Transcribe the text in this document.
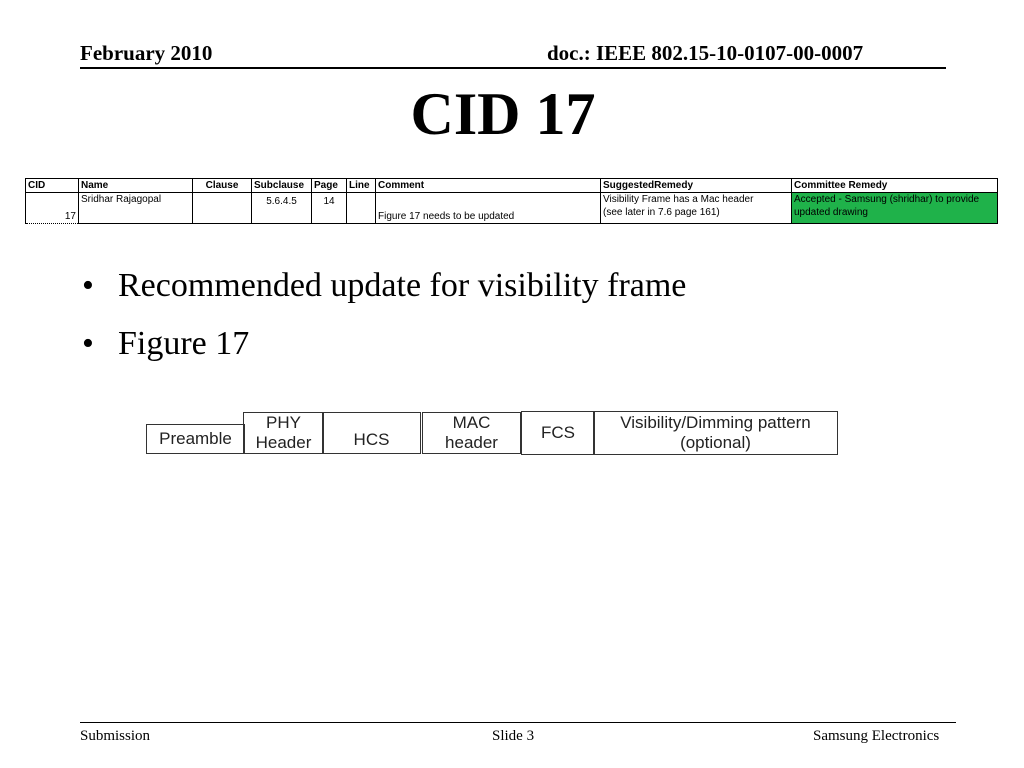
February 2010	doc.: IEEE 802.15-10-0107-00-0007
CID 17
CID	Name	Clause	Subclause	Page	Line	Comment	SuggestedRemedy	Committee Remedy

17	Sridhar Rajagopal		5.6.4.5	14		Figure 17 needs to be updated	Visibility Frame has a Mac header
(see later in 7.6 page 161)	Accepted - Samsung (shridhar) to provide
updated drawing
• Recommended update for visibility frame
• Figure 17
Preamble
PHY
Header HCS
MAC
header
FCS
Visibility/Dimming pattern
(optional)
Submission	Slide 3	Samsung Electronics
